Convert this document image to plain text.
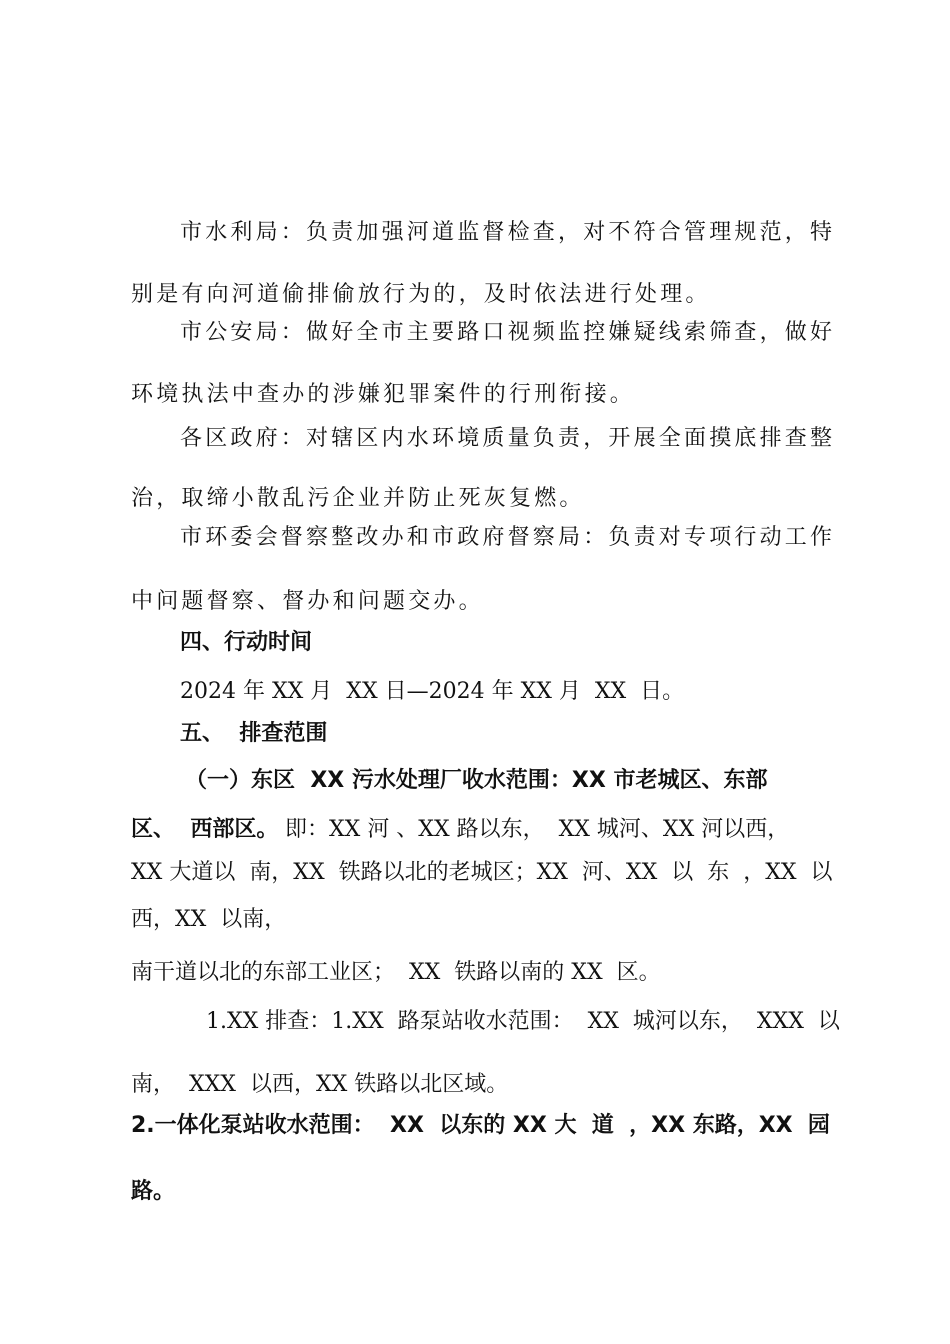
市水利局：负责加强河道监督检查，对不符合管理规范，特
别是有向河道偷排偷放行为的，及时依法进行处理。
市公安局：做好全市主要路口视频监控嫌疑线索筛查，做好
环境执法中查办的涉嫌犯罪案件的行刑衔接。
各区政府：对辖区内水环境质量负责，开展全面摸底排查整
治，取缔小散乱污企业并防止死灰复燃。
市环委会督察整改办和市政府督察局：负责对专项行动工作
中问题督察、督办和问题交办。
四、行动时间
2024 年 XX 月  XX 日—2024 年 XX 月  XX  日。
五、  排查范围
（一）东区  XX 污水处理厂收水范围：XX 市老城区、东部
区、  西部区。 即：XX 河 、XX 路以东，  XX 城河、XX 河以西，
XX 大道以  南，XX  铁路以北的老城区；XX  河、XX  以  东  ，XX  以
西，XX  以南，
南干道以北的东部工业区；  XX  铁路以南的 XX  区。
1.XX 排查：1.XX  路泵站收水范围：  XX  城河以东，  XXX  以
南，  XXX  以西，XX 铁路以北区域。
2.一体化泵站收水范围：  XX  以东的 XX 大  道  ，XX 东路，XX  园
路。
